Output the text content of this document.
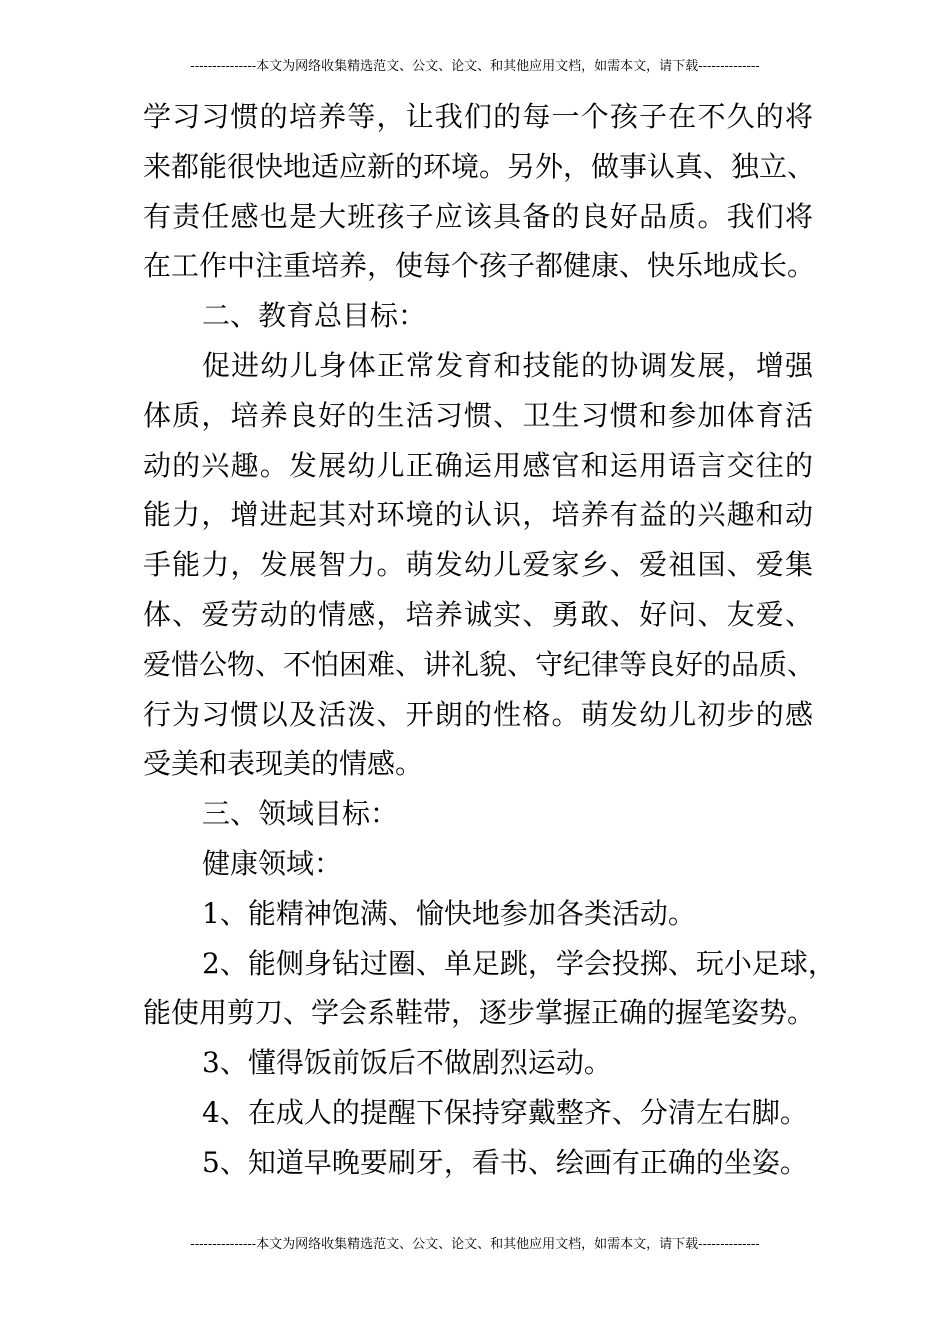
---------------本文为网络收集精选范文、公文、论文、和其他应用文档，如需本文，请下载--------------
学习习惯的培养等，让我们的每一个孩子在不久的将
来都能很快地适应新的环境。另外，做事认真、独立、
有责任感也是大班孩子应该具备的良好品质。我们将
在工作中注重培养，使每个孩子都健康、快乐地成长。
二、教育总目标：
促进幼儿身体正常发育和技能的协调发展，增强
体质，培养良好的生活习惯、卫生习惯和参加体育活
动的兴趣。发展幼儿正确运用感官和运用语言交往的
能力，增进起其对环境的认识，培养有益的兴趣和动
手能力，发展智力。萌发幼儿爱家乡、爱祖国、爱集
体、爱劳动的情感，培养诚实、勇敢、好问、友爱、
爱惜公物、不怕困难、讲礼貌、守纪律等良好的品质、
行为习惯以及活泼、开朗的性格。萌发幼儿初步的感
受美和表现美的情感。
三、领域目标：
健康领域：
1、能精神饱满、愉快地参加各类活动。
2、能侧身钻过圈、单足跳，学会投掷、玩小足球，
能使用剪刀、学会系鞋带，逐步掌握正确的握笔姿势。
3、懂得饭前饭后不做剧烈运动。
4、在成人的提醒下保持穿戴整齐、分清左右脚。
5、知道早晚要刷牙，看书、绘画有正确的坐姿。
---------------本文为网络收集精选范文、公文、论文、和其他应用文档，如需本文，请下载--------------
